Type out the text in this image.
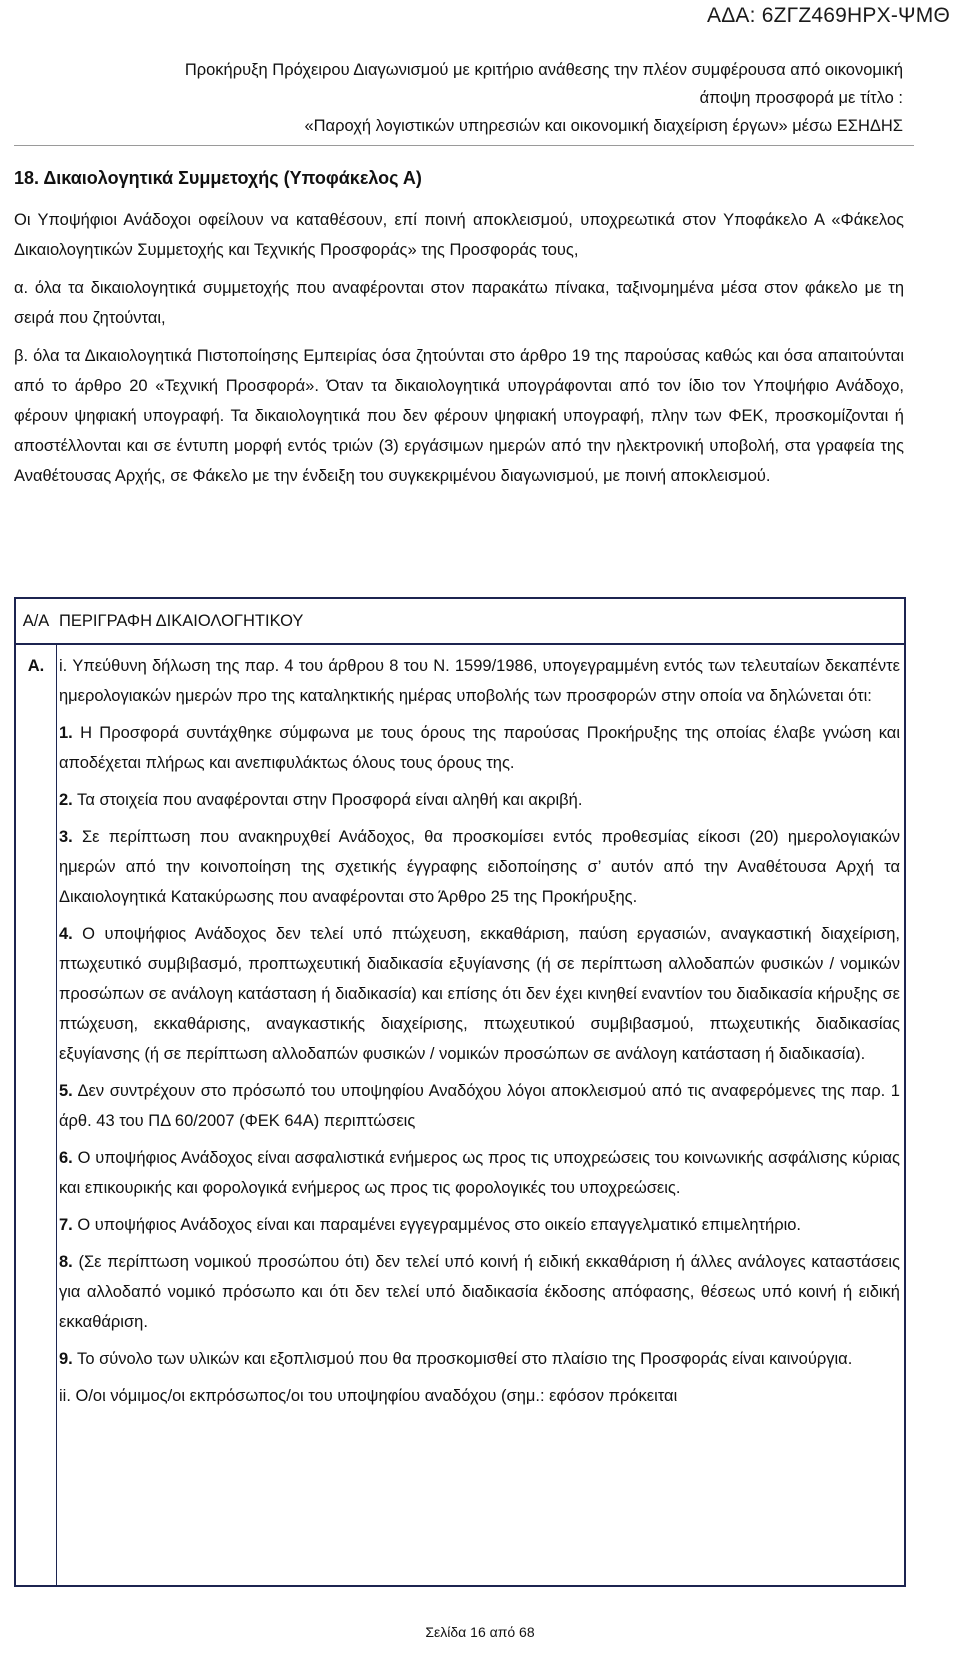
ΑΔΑ: 6ΖΓΖ469ΗΡΧ-ΨΜΘ
Προκήρυξη Πρόχειρου Διαγωνισμού με κριτήριο ανάθεσης την πλέον συμφέρουσα από οικονομική
άποψη προσφορά με τίτλο :
«Παροχή λογιστικών υπηρεσιών και οικονομική διαχείριση έργων» μέσω ΕΣΗΔΗΣ
18. Δικαιολογητικά Συμμετοχής (Υποφάκελος Α)

Οι Υποψήφιοι Ανάδοχοι οφείλουν να καταθέσουν, επί ποινή αποκλεισμού, υποχρεωτικά στον Υποφάκελο Α «Φάκελος Δικαιολογητικών Συμμετοχής και Τεχνικής Προσφοράς» της Προσφοράς τους,

α. όλα τα δικαιολογητικά συμμετοχής που αναφέρονται στον παρακάτω πίνακα, ταξινομημένα μέσα στον φάκελο με τη σειρά που ζητούνται,

β. όλα τα Δικαιολογητικά Πιστοποίησης Εμπειρίας όσα ζητούνται στο άρθρο 19 της παρούσας καθώς και όσα απαιτούνται από το άρθρο 20 «Τεχνική Προσφορά». Όταν τα δικαιολογητικά υπογράφονται από τον ίδιο τον Υποψήφιο Ανάδοχο, φέρουν ψηφιακή υπογραφή. Τα δικαιολογητικά που δεν φέρουν ψηφιακή υπογραφή, πλην των ΦΕΚ, προσκομίζονται ή αποστέλλονται και σε έντυπη μορφή εντός τριών (3) εργάσιμων ημερών από την ηλεκτρονική υποβολή, στα γραφεία της Αναθέτουσας Αρχής, σε Φάκελο με την ένδειξη του συγκεκριμένου διαγωνισμού, με ποινή αποκλεισμού.

Α/Α ΠΕΡΙΓΡΑΦΗ ΔΙΚΑΙΟΛΟΓΗΤΙΚΟΥ
Α. i. Υπεύθυνη δήλωση της παρ. 4 του άρθρου 8 του Ν. 1599/1986, υπογεγραμμένη εντός των τελευταίων δεκαπέντε ημερολογιακών ημερών προ της καταληκτικής ημέρας υποβολής των προσφορών στην οποία να δηλώνεται ότι:

1. Η Προσφορά συντάχθηκε σύμφωνα με τους όρους της παρούσας Προκήρυξης της οποίας έλαβε γνώση και αποδέχεται πλήρως και ανεπιφυλάκτως όλους τους όρους της.

2. Τα στοιχεία που αναφέρονται στην Προσφορά είναι αληθή και ακριβή.

3. Σε περίπτωση που ανακηρυχθεί Ανάδοχος, θα προσκομίσει εντός προθεσμίας είκοσι (20) ημερολογιακών ημερών από την κοινοποίηση της σχετικής έγγραφης ειδοποίησης σ’ αυτόν από την Αναθέτουσα Αρχή τα Δικαιολογητικά Κατακύρωσης που αναφέρονται στο Άρθρο 25 της Προκήρυξης.

4. Ο υποψήφιος Ανάδοχος δεν τελεί υπό πτώχευση, εκκαθάριση, παύση εργασιών, αναγκαστική διαχείριση, πτωχευτικό συμβιβασμό, προπτωχευτική διαδικασία εξυγίανσης (ή σε περίπτωση αλλοδαπών φυσικών / νομικών προσώπων σε ανάλογη κατάσταση ή διαδικασία) και επίσης ότι δεν έχει κινηθεί εναντίον του διαδικασία κήρυξης σε πτώχευση, εκκαθάρισης, αναγκαστικής διαχείρισης, πτωχευτικού συμβιβασμού, πτωχευτικής διαδικασίας εξυγίανσης (ή σε περίπτωση αλλοδαπών φυσικών / νομικών προσώπων σε ανάλογη κατάσταση ή διαδικασία).

5. Δεν συντρέχουν στο πρόσωπό του υποψηφίου Αναδόχου λόγοι αποκλεισμού από τις αναφερόμενες της παρ. 1 άρθ. 43 του ΠΔ 60/2007 (ΦΕΚ 64Α) περιπτώσεις

6. Ο υποψήφιος Ανάδοχος είναι ασφαλιστικά ενήμερος ως προς τις υποχρεώσεις του κοινωνικής ασφάλισης κύριας και επικουρικής και φορολογικά ενήμερος ως προς τις φορολογικές του υποχρεώσεις.

7. Ο υποψήφιος Ανάδοχος είναι και παραμένει εγγεγραμμένος στο οικείο επαγγελματικό επιμελητήριο.

8. (Σε περίπτωση νομικού προσώπου ότι) δεν τελεί υπό κοινή ή ειδική εκκαθάριση ή άλλες ανάλογες καταστάσεις για αλλοδαπό νομικό πρόσωπο και ότι δεν τελεί υπό διαδικασία έκδοσης απόφασης, θέσεως υπό κοινή ή ειδική εκκαθάριση.

9. Το σύνολο των υλικών και εξοπλισμού που θα προσκομισθεί στο πλαίσιο της Προσφοράς είναι καινούργια.

ii. Ο/οι νόμιμος/οι εκπρόσωπος/οι του υποψηφίου αναδόχου (σημ.: εφόσον πρόκειται

Σελίδα 16 από 68
